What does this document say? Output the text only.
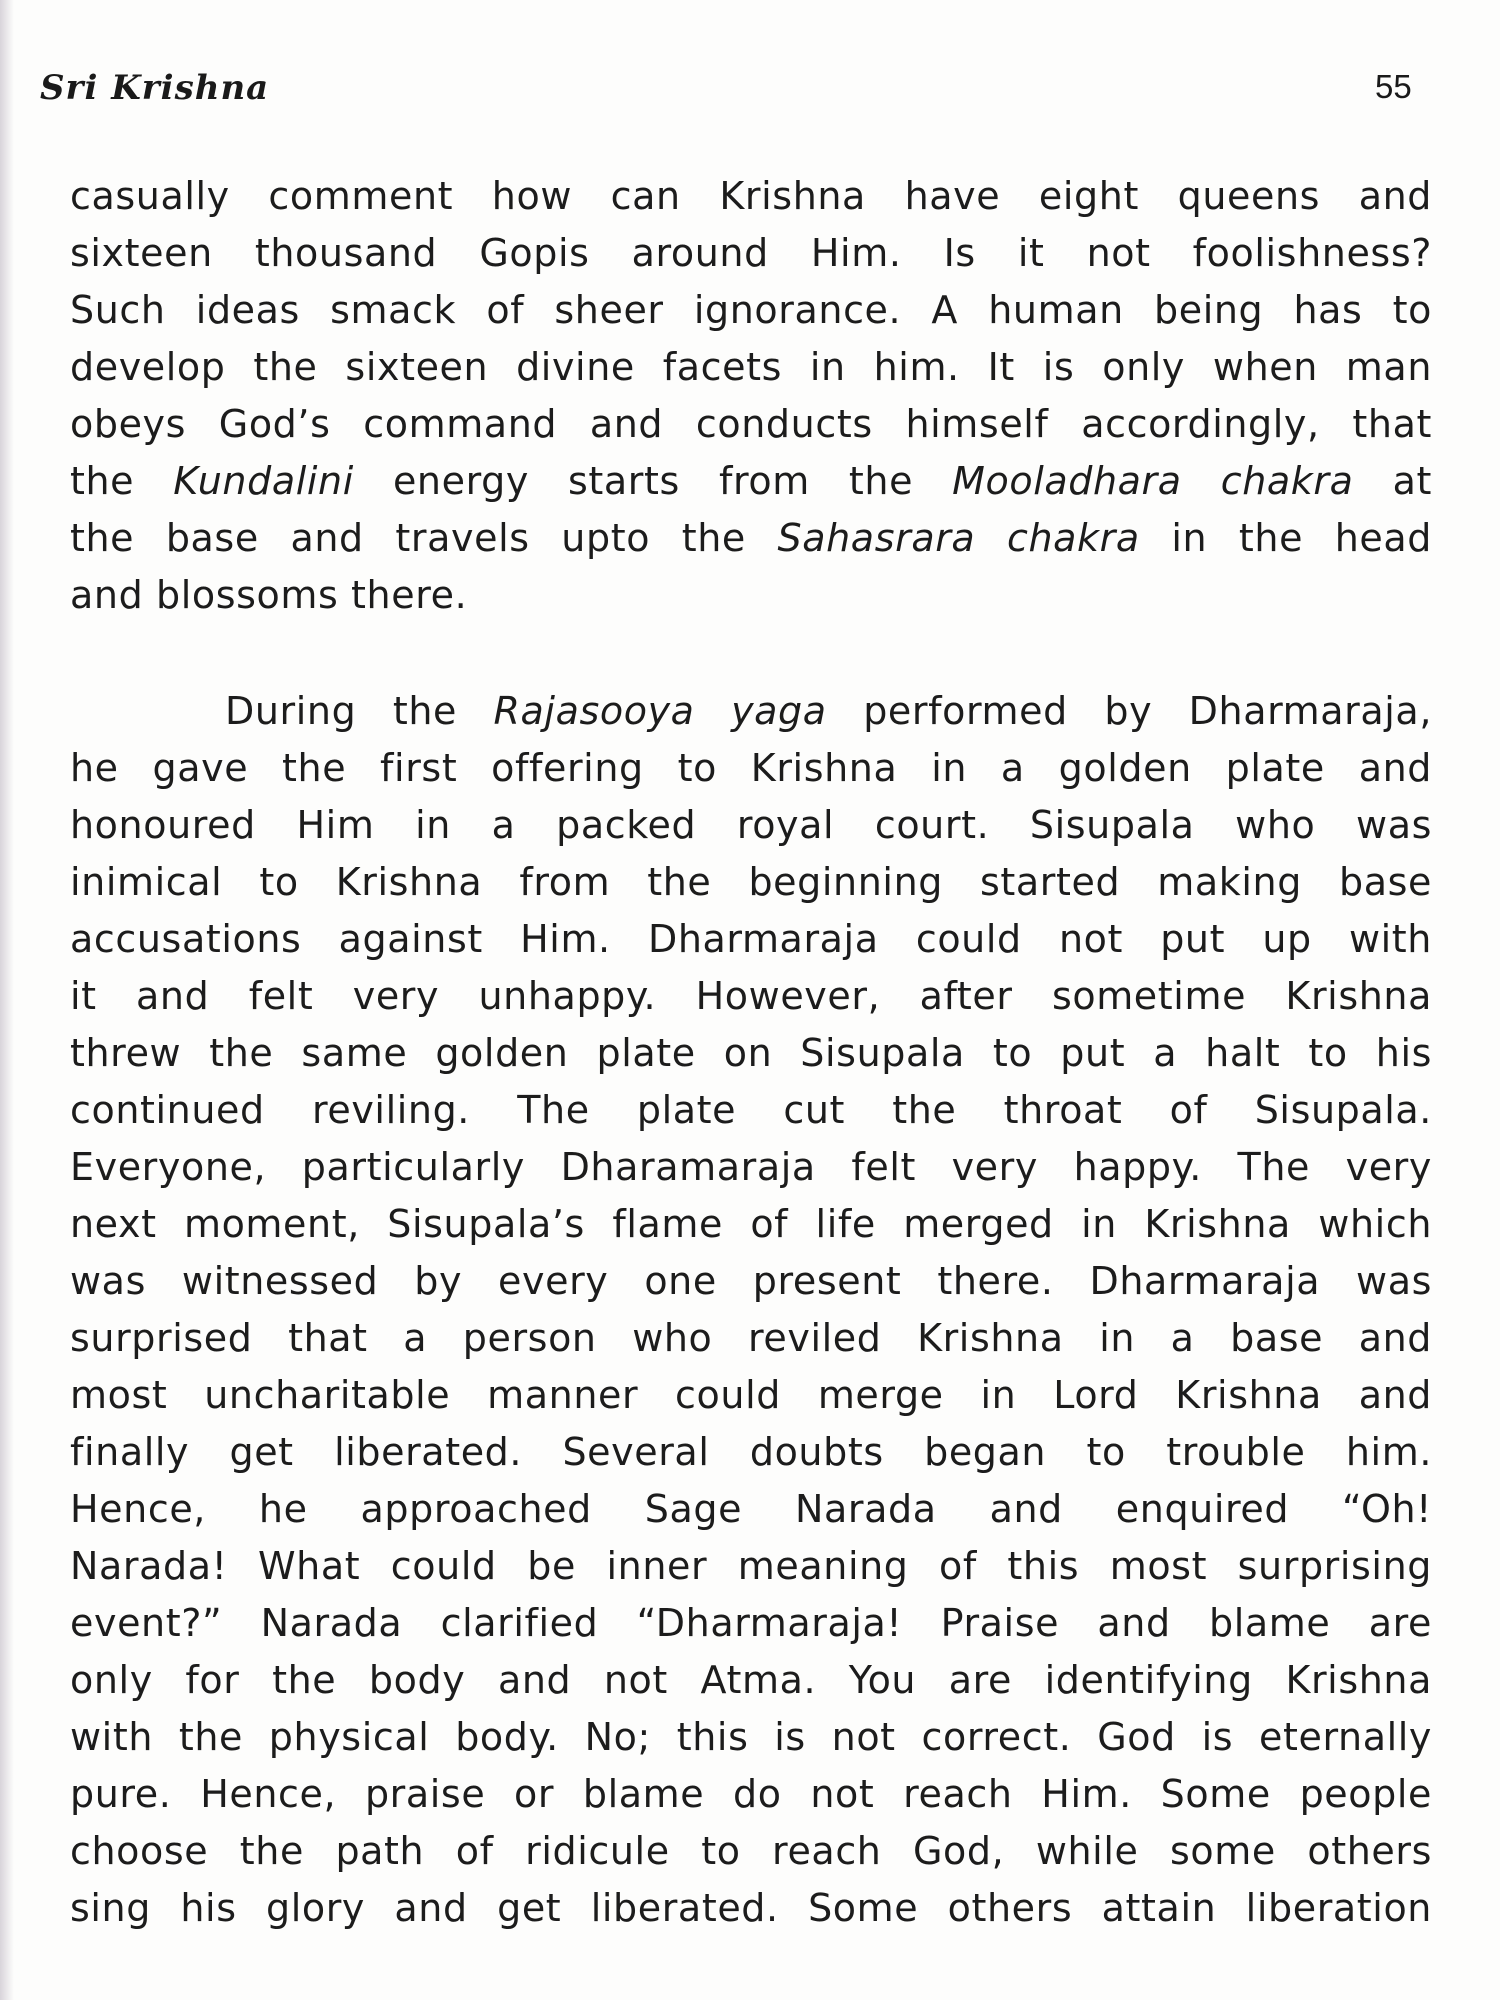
Sri Krishna	55
casually comment how can Krishna have eight queens and
sixteen thousand Gopis around Him. Is it not foolishness?
Such ideas smack of sheer ignorance. A human being has to
develop the sixteen divine facets in him. It is only when man
obeys God’s command and conducts himself accordingly, that
the Kundalini energy starts from the Mooladhara chakra at
the base and travels upto the Sahasrara chakra in the head
and blossoms there.
During the Rajasooya yaga performed by Dharmaraja,
he gave the first offering to Krishna in a golden plate and
honoured Him in a packed royal court. Sisupala who was
inimical to Krishna from the beginning started making base
accusations against Him. Dharmaraja could not put up with
it and felt very unhappy. However, after sometime Krishna
threw the same golden plate on Sisupala to put a halt to his
continued reviling. The plate cut the throat of Sisupala.
Everyone, particularly Dharamaraja felt very happy. The very
next moment, Sisupala’s flame of life merged in Krishna which
was witnessed by every one present there. Dharmaraja was
surprised that a person who reviled Krishna in a base and
most uncharitable manner could merge in Lord Krishna and
finally get liberated. Several doubts began to trouble him.
Hence, he approached Sage Narada and enquired “Oh!
Narada! What could be inner meaning of this most surprising
event?” Narada clarified “Dharmaraja! Praise and blame are
only for the body and not Atma. You are identifying Krishna
with the physical body. No; this is not correct. God is eternally
pure. Hence, praise or blame do not reach Him. Some people
choose the path of ridicule to reach God, while some others
sing his glory and get liberated. Some others attain liberation
